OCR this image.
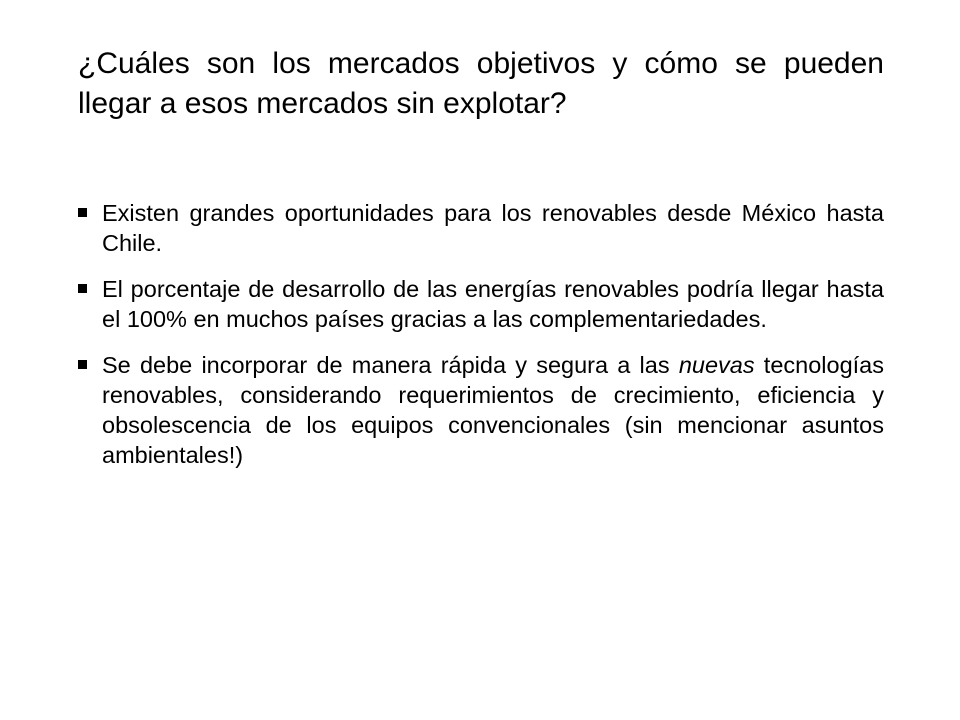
¿Cuáles son los mercados objetivos y cómo se pueden llegar a esos mercados sin explotar?
Existen grandes oportunidades para los renovables desde México hasta Chile.
El porcentaje de desarrollo de las energías renovables podría llegar hasta el 100% en muchos países gracias a las complementariedades.
Se debe incorporar de manera rápida y segura a las nuevas tecnologías renovables, considerando requerimientos de crecimiento, eficiencia y obsolescencia de los equipos convencionales (sin mencionar asuntos ambientales!)
